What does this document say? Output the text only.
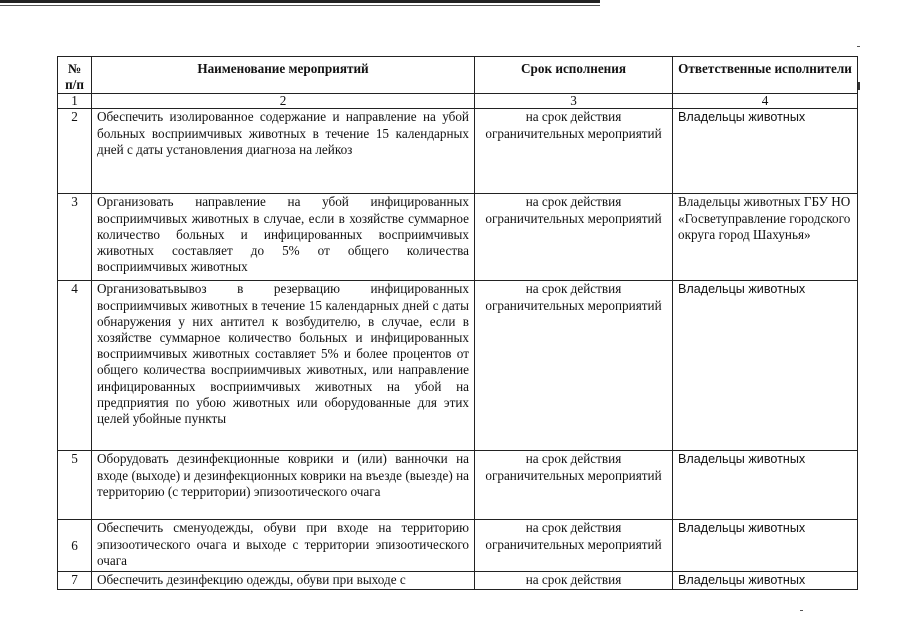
№ п/п	Наименование мероприятий	Срок исполнения	Ответственные исполнители
1	2	3	4
2	Обеспечить изолированное содержание и направление на убой больных восприимчивых животных в течение 15 календарных дней с даты установления диагноза на лейкоз	на срок действия ограничительных мероприятий	Владельцы животных
3	Организовать направление на убой инфицированных восприимчивых животных в случае, если в хозяйстве суммарное количество больных и инфицированных восприимчивых животных составляет до 5% от общего количества восприимчивых животных	на срок действия ограничительных мероприятий	Владельцы животных ГБУ НО «Госветуправление городского округа город Шахунья»
4	Организоватьвывоз в резервацию инфицированных восприимчивых животных в течение 15 календарных дней с даты обнаружения у них антител к возбудителю, в случае, если в хозяйстве суммарное количество больных и инфицированных восприимчивых животных составляет 5% и более процентов от общего количества восприимчивых животных, или направление инфицированных восприимчивых животных на убой на предприятия по убою животных или оборудованные для этих целей убойные пункты	на срок действия ограничительных мероприятий	Владельцы животных
5	Оборудовать дезинфекционные коврики и (или) ванночки на входе (выходе) и дезинфекционных коврики на въезде (выезде) на территорию (с территории) эпизоотического очага	на срок действия ограничительных мероприятий	Владельцы животных
6	Обеспечить сменуодежды, обуви при входе на территорию эпизоотического очага и выходе с территории эпизоотического очага	на срок действия ограничительных мероприятий	Владельцы животных
7	Обеспечить дезинфекцию одежды, обуви при выходе с	на срок действия	Владельцы животных
